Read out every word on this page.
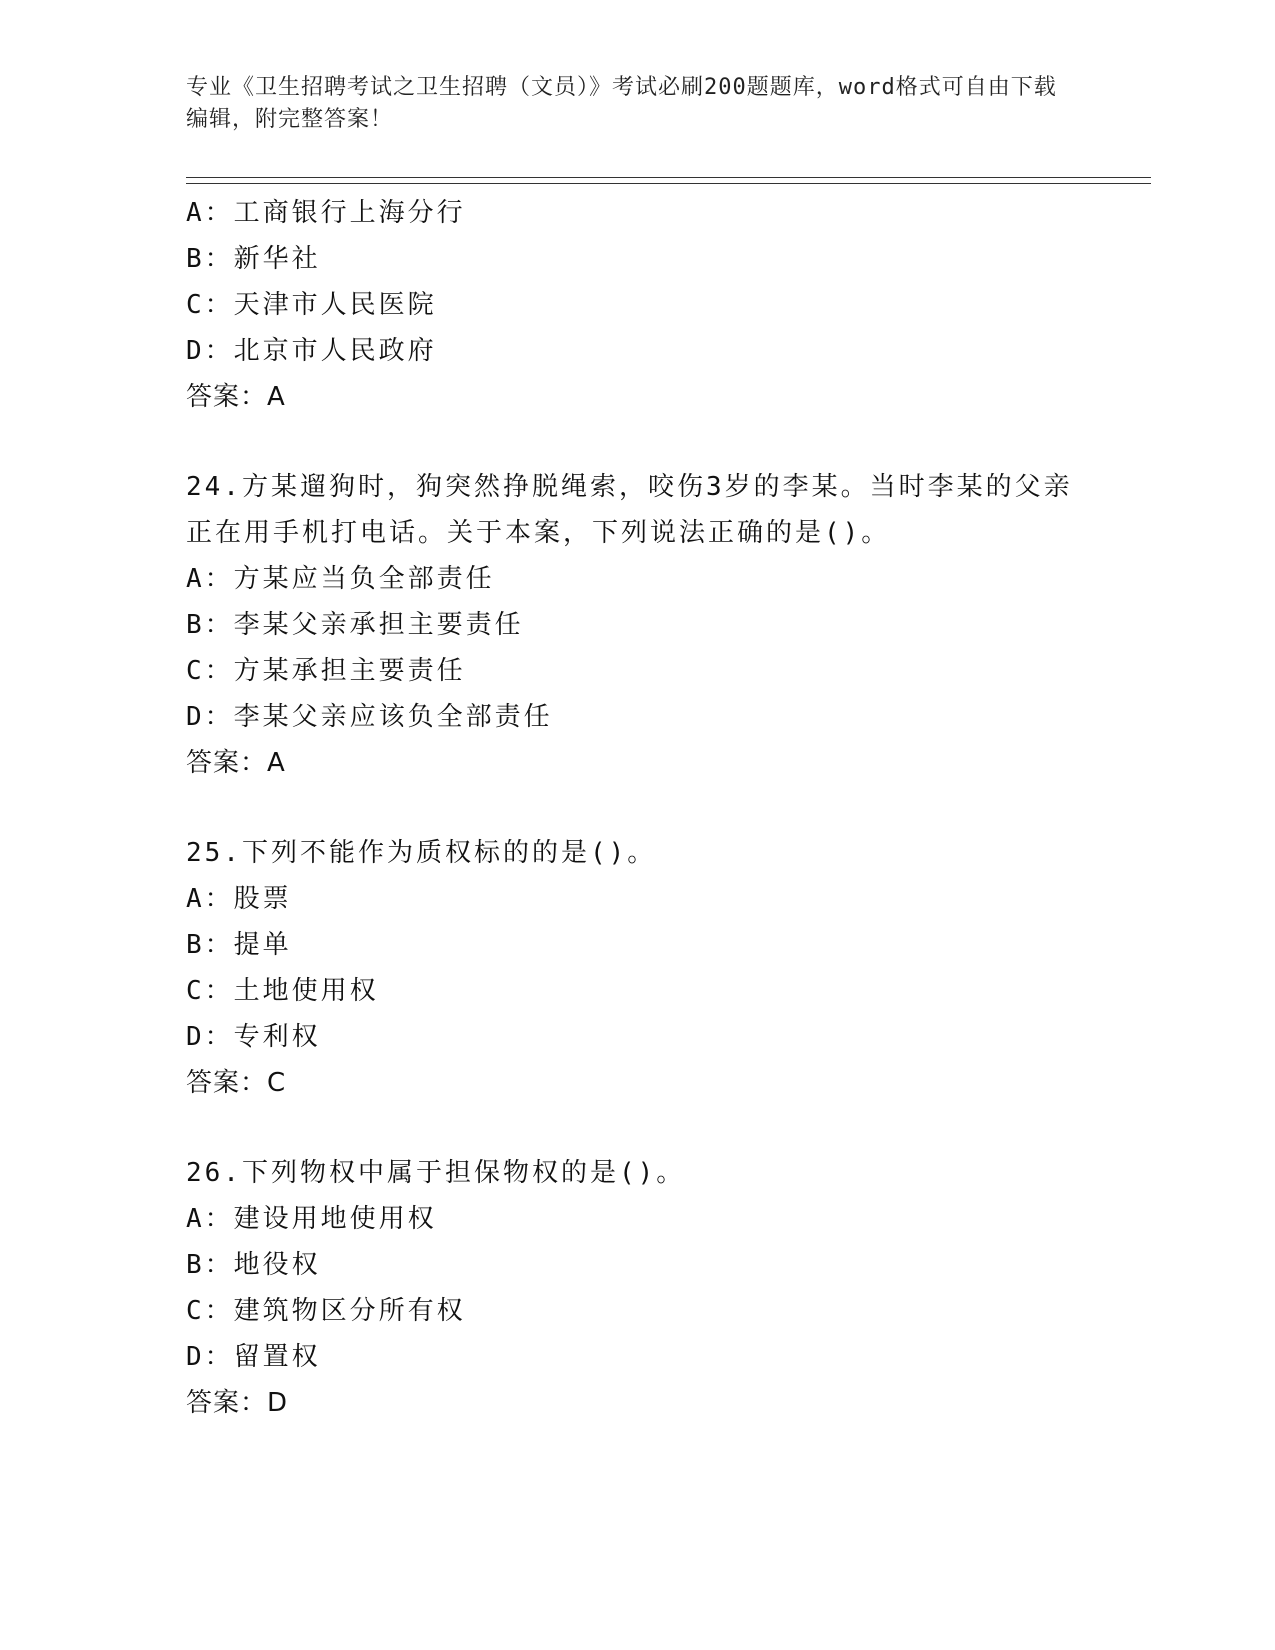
专业《卫生招聘考试之卫生招聘（文员）》考试必刷200题题库，word格式可自由下载编辑，附完整答案！
A：工商银行上海分行
B：新华社
C：天津市人民医院
D：北京市人民政府
答案：A
24.方某遛狗时，狗突然挣脱绳索，咬伤3岁的李某。当时李某的父亲
正在用手机打电话。关于本案，下列说法正确的是()。
A：方某应当负全部责任
B：李某父亲承担主要责任
C：方某承担主要责任
D：李某父亲应该负全部责任
答案：A
25.下列不能作为质权标的的是()。
A：股票
B：提单
C：土地使用权
D：专利权
答案：C
26.下列物权中属于担保物权的是()。
A：建设用地使用权
B：地役权
C：建筑物区分所有权
D：留置权
答案：D
